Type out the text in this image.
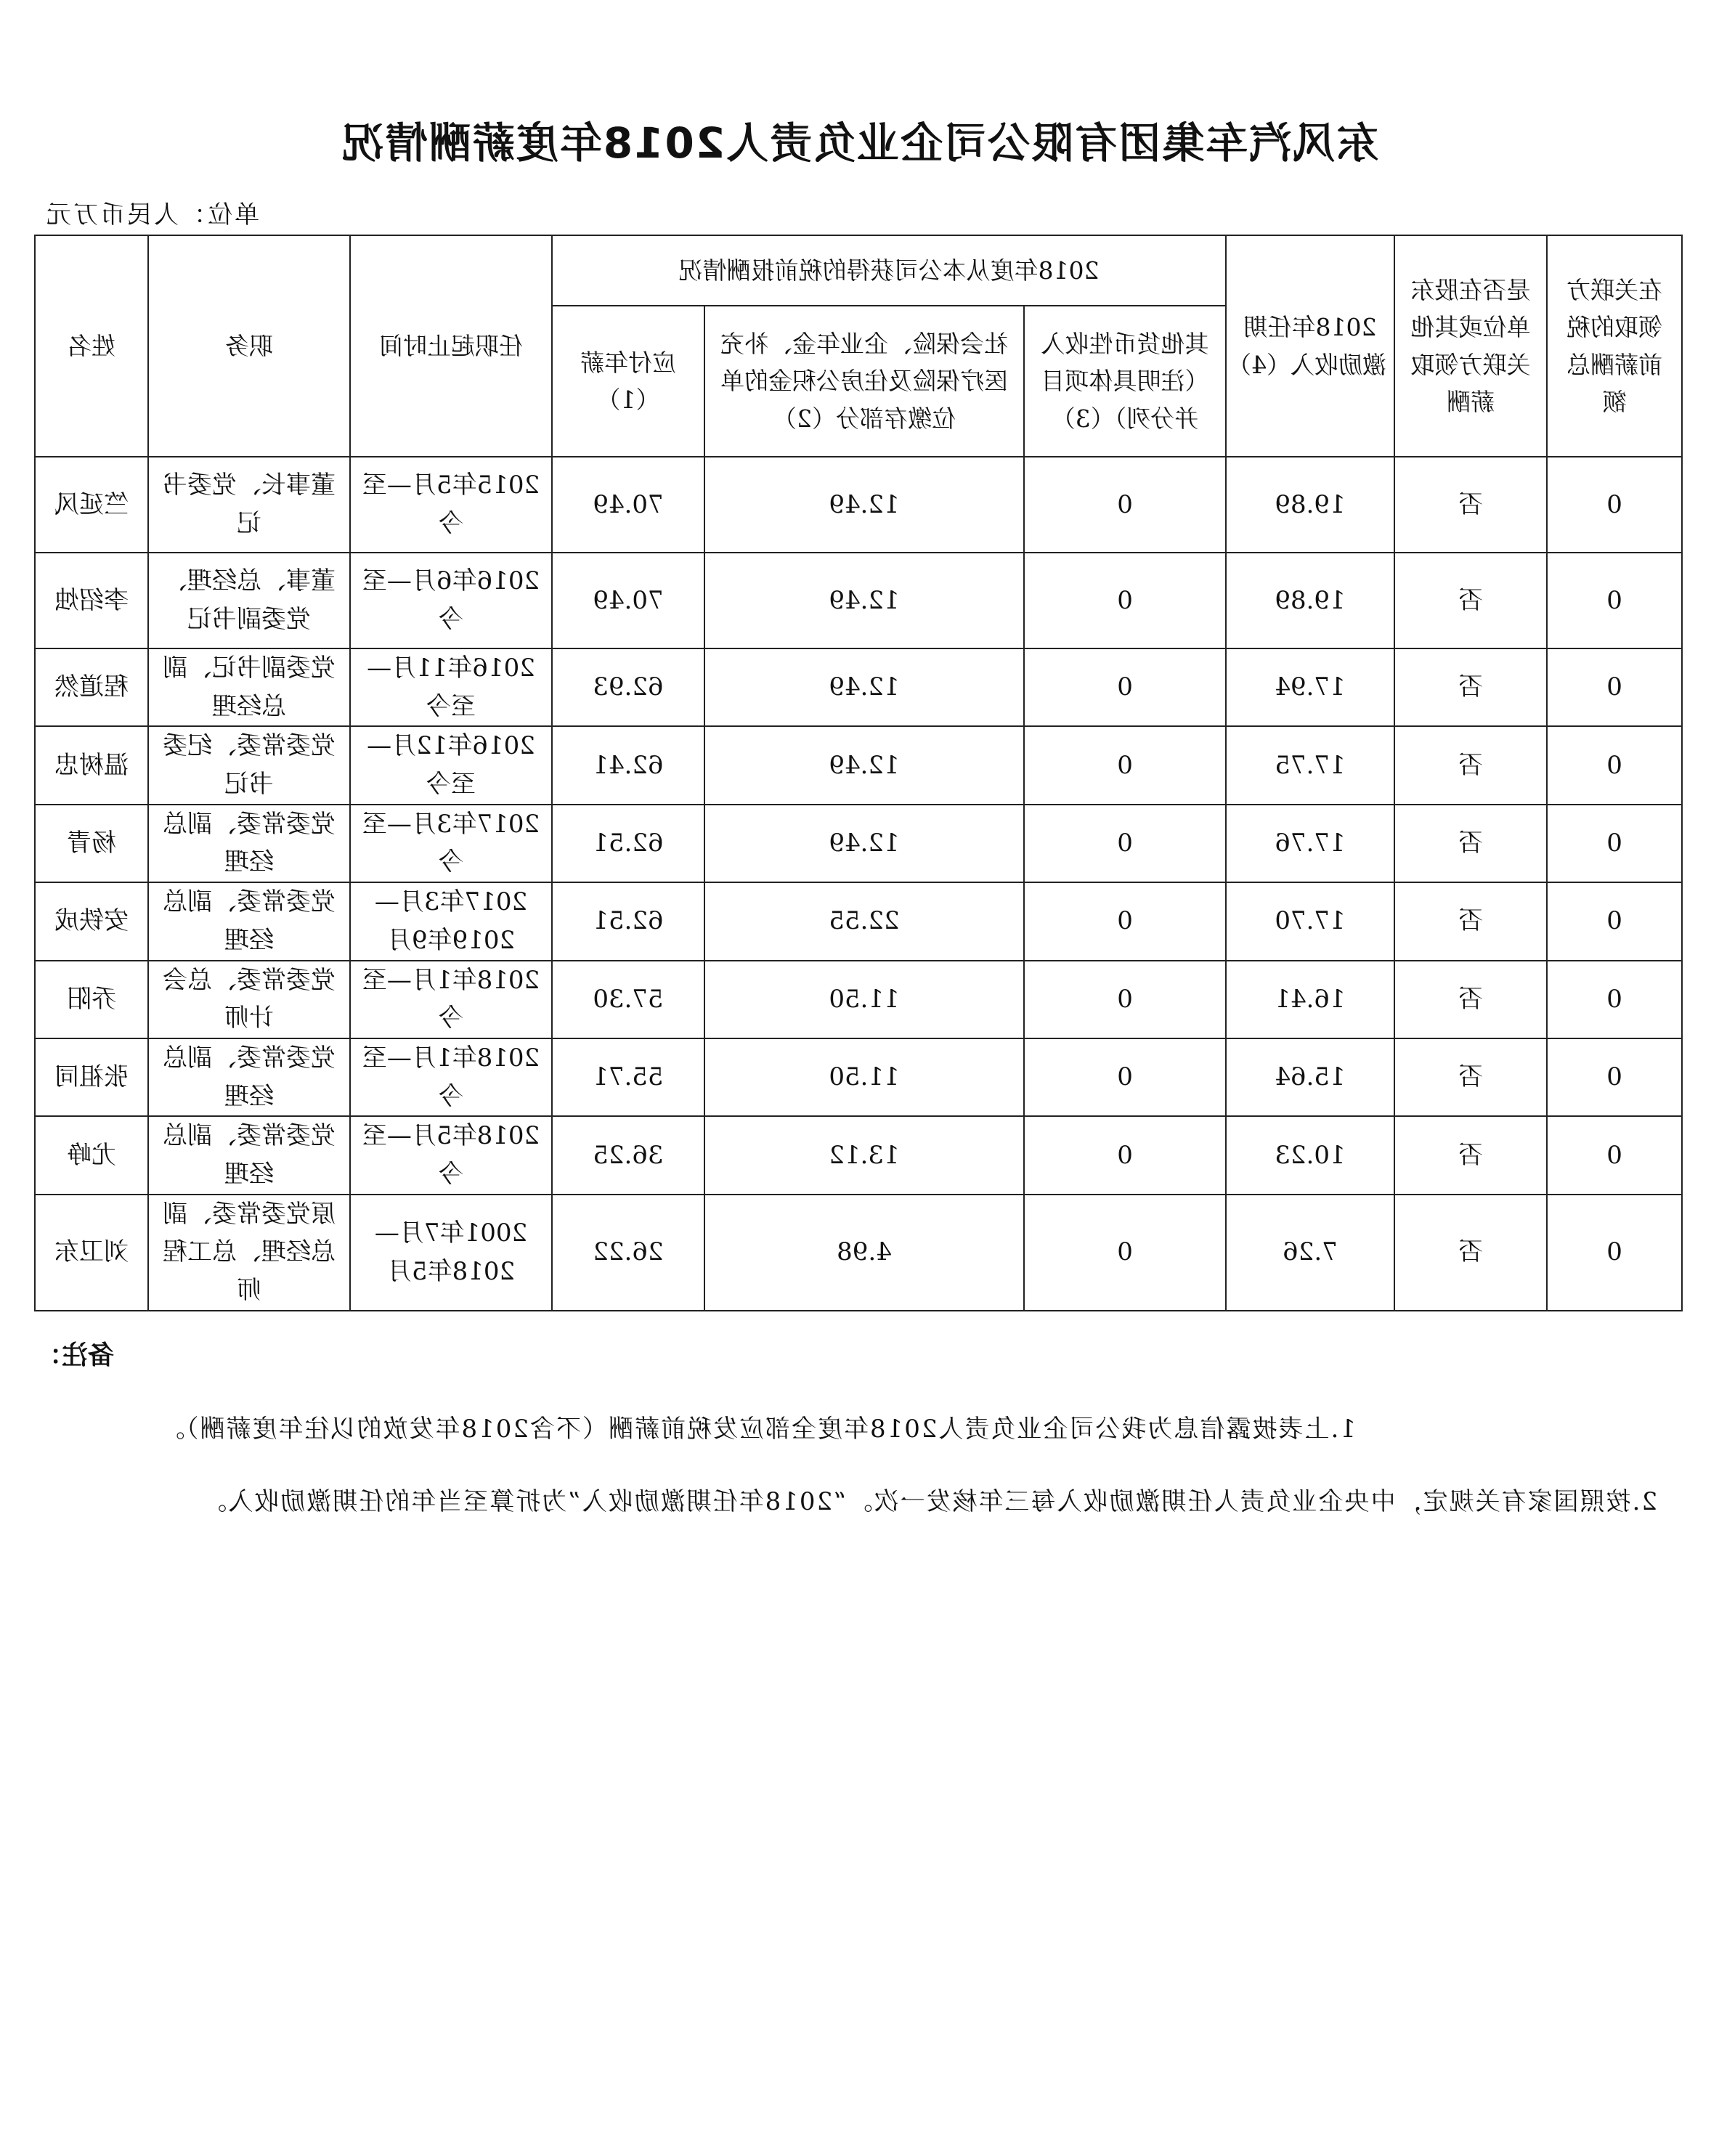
东风汽车集团有限公司企业负责人2018年度薪酬情况
单位：人民币万元
在关联方领取的税前薪酬总额	是否在股东单位或其他关联方领取薪酬	2018年任期激励收入（4）	2018年度从本公司获得的税前报酬情况			任职起止时间	职务	姓名
			其他货币性收入（注明具体项目并分列）（3）	社会保险、企业年金、补充医疗保险及住房公积金的单位缴存部分（2）	应付年薪（1）			
0	否	19.89	0	12.49	70.49	2015年5月—至今	董事长、党委书记	竺延风
0	否	19.89	0	12.49	70.49	2016年6月—至今	董事、总经理、党委副书记	李绍烛
0	否	17.94	0	12.49	62.93	2016年11月—至今	党委副书记、副总经理	程道然
0	否	17.75	0	12.49	62.41	2016年12月—至今	党委常委、纪委书记	温树忠
0	否	17.76	0	12.49	62.51	2017年3月—至今	党委常委、副总经理	杨青
0	否	17.70	0	22.55	62.51	2017年3月—2019年9月	党委常委、副总经理	安铁成
0	否	16.41	0	11.50	57.30	2018年1月—至今	党委常委、总会计师	乔阳
0	否	15.64	0	11.50	55.71	2018年1月—至今	党委常委、副总经理	张祖同
0	否	10.23	0	13.12	36.25	2018年5月—至今	党委常委、副总经理	尤峥
0	否	7.26	0	4.98	26.22	2001年7月—2018年5月	原党委常委、副总经理、总工程师	刘卫东
备注：
1.上表披露信息为我公司企业负责人2018年度全部应发税前薪酬（不含2018年发放的以往年度薪酬）。
2.按照国家有关规定，中央企业负责人任期激励收入每三年核发一次。“2018年任期激励收入”为折算至当年的任期激励收入。
